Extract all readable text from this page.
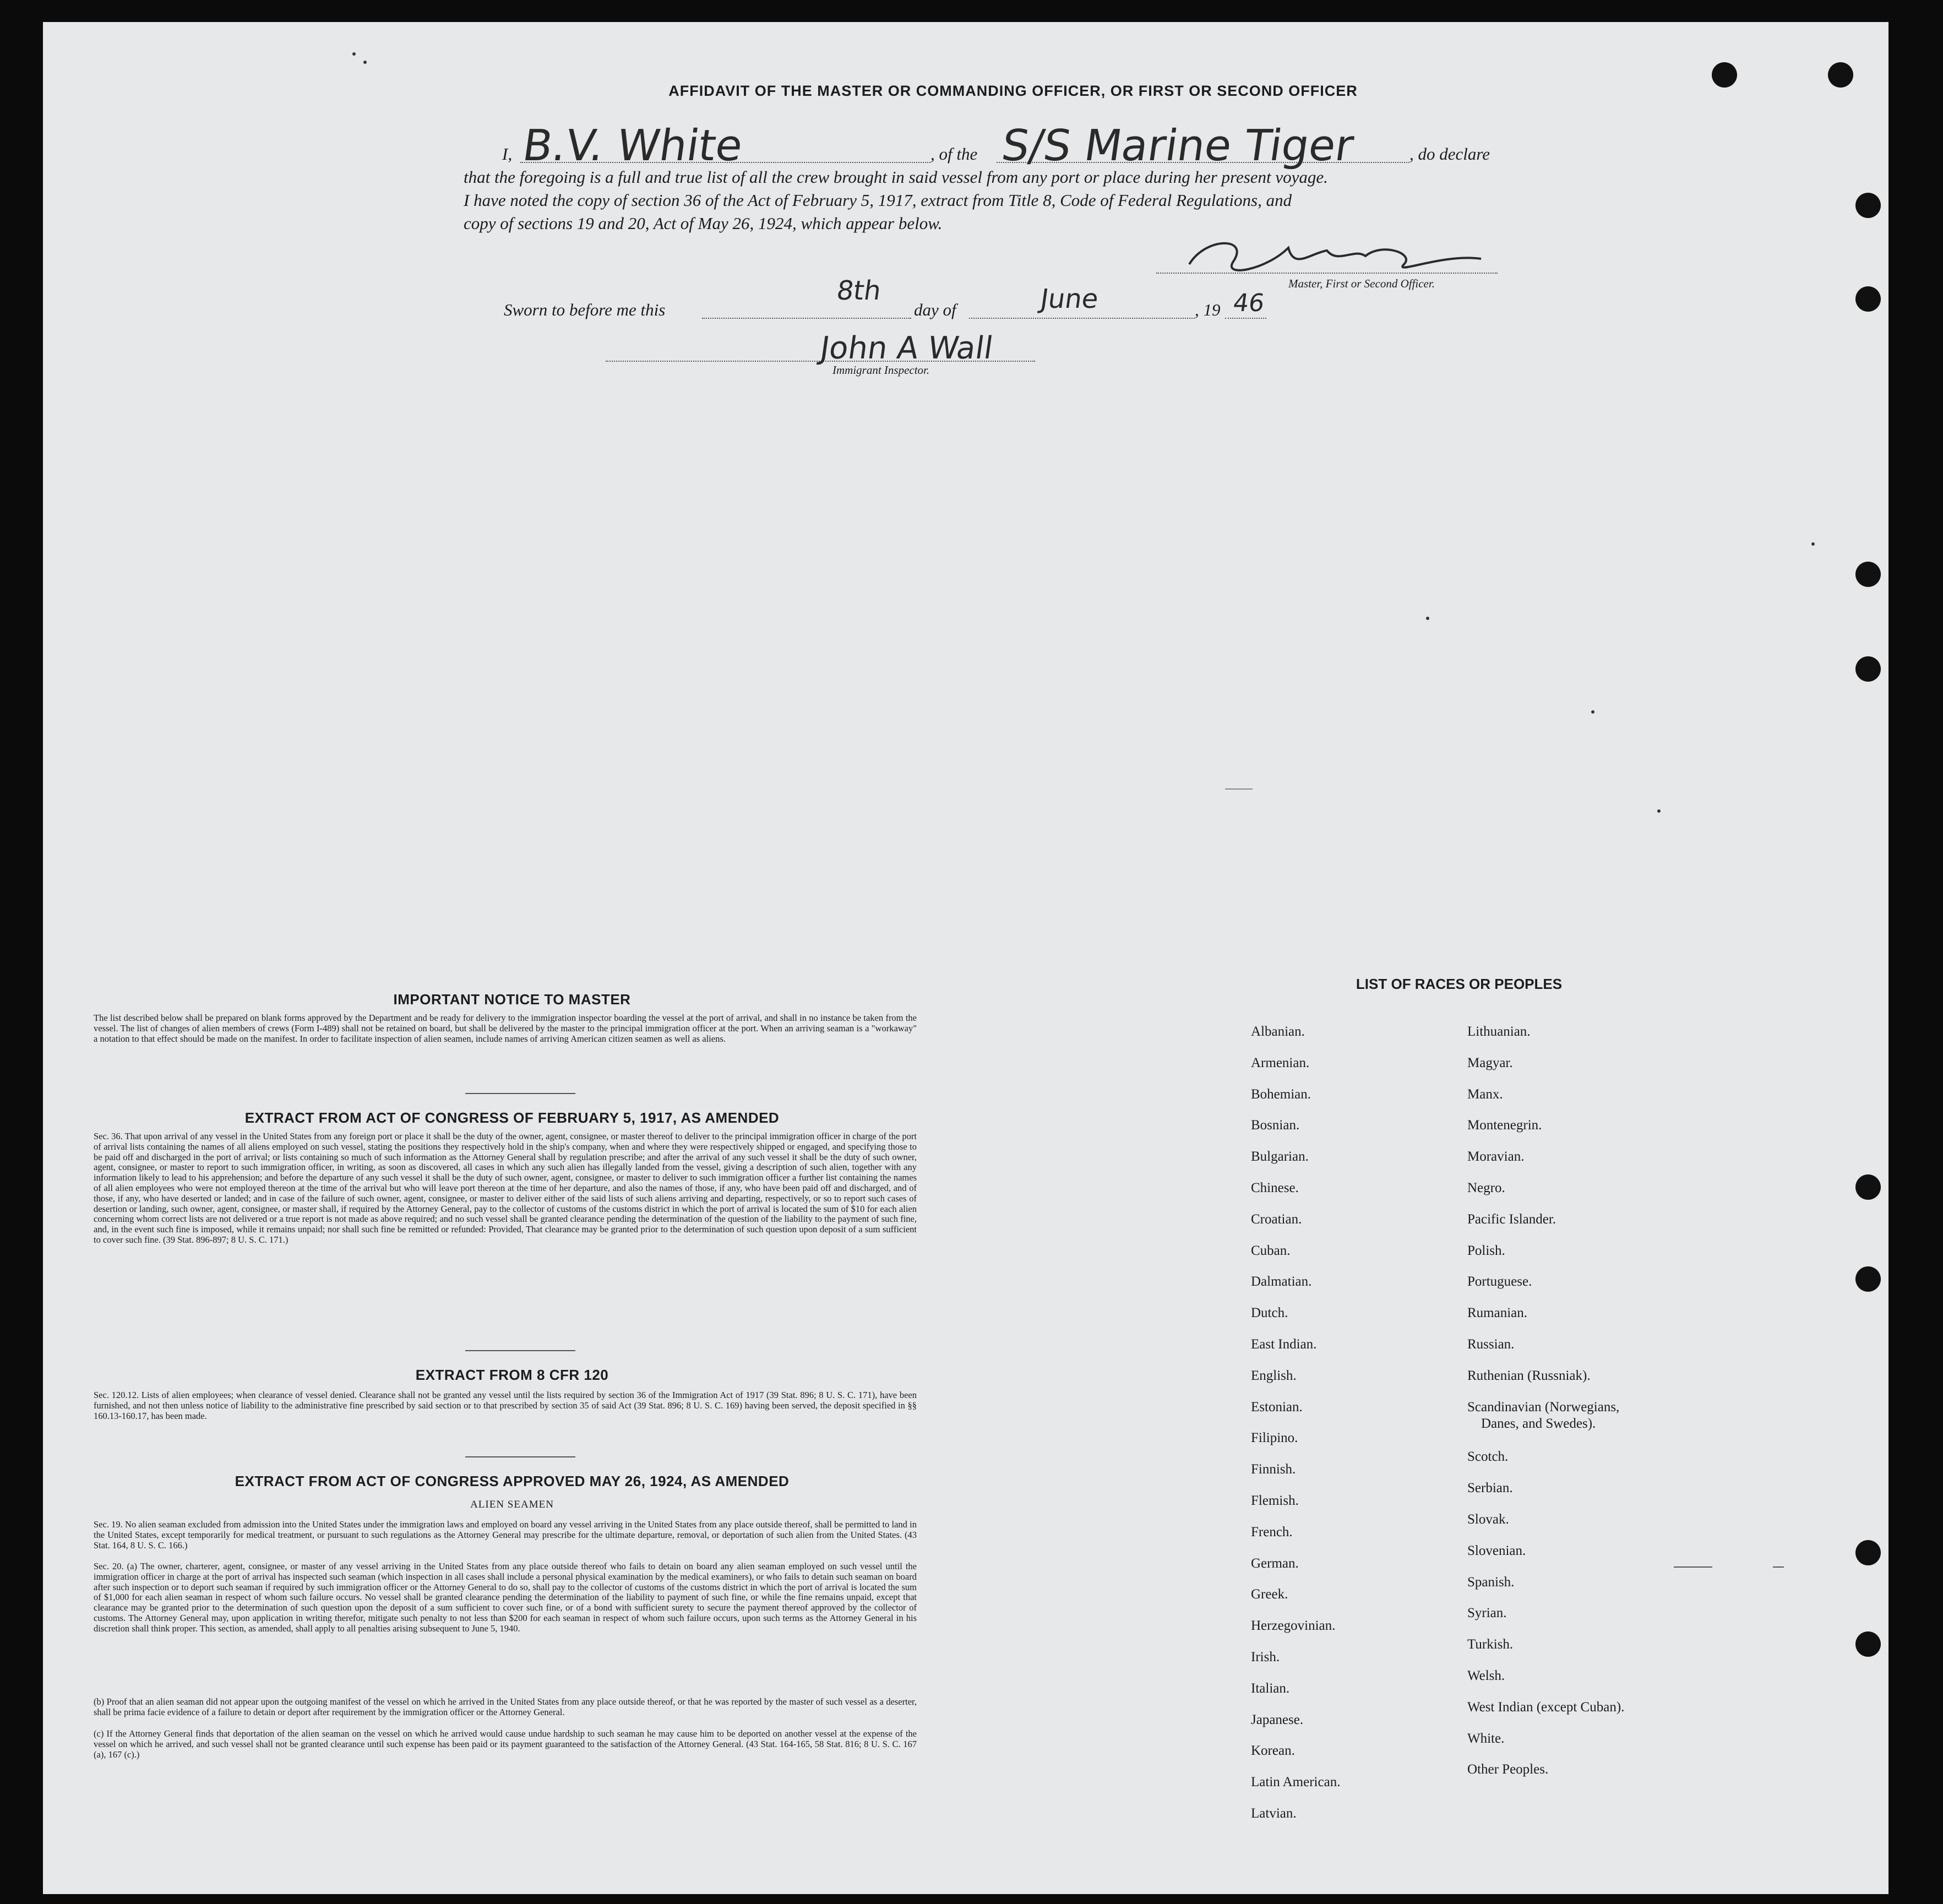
AFFIDAVIT OF THE MASTER OR COMMANDING OFFICER, OR FIRST OR SECOND OFFICER
I, B.V. White	, of the S/S Marine Tiger	, do declare
that the foregoing is a full and true list of all the crew brought in said vessel from any port or place during her present voyage.
I have noted the copy of section 36 of the Act of February 5, 1917, extract from Title 8, Code of Federal Regulations, and
copy of sections 19 and 20, Act of May 26, 1924, which appear below.
Master, First or Second Officer.
Sworn to before me this
8th
day of	June	, 19 46
John A Wall
Immigrant Inspector.
IMPORTANT NOTICE TO MASTER
The list described below shall be prepared on blank forms approved by the Department and be ready for delivery to the immigration inspector boarding the vessel at the port of arrival, and shall in no instance be taken from the vessel. The list of changes of alien members of crews (Form I-489) shall not be retained on board, but shall be delivered by the master to the principal immigration officer at the port. When an arriving seaman is a "workaway" a notation to that effect should be made on the manifest. In order to facilitate inspection of alien seamen, include names of arriving American citizen seamen as well as aliens.
EXTRACT FROM ACT OF CONGRESS OF FEBRUARY 5, 1917, AS AMENDED
Sec. 36. That upon arrival of any vessel in the United States from any foreign port or place it shall be the duty of the owner, agent, consignee, or master thereof to deliver to the principal immigration officer in charge of the port of arrival lists containing the names of all aliens employed on such vessel, stating the positions they respectively hold in the ship's company, when and where they were respectively shipped or engaged, and specifying those to be paid off and discharged in the port of arrival; or lists containing so much of such information as the Attorney General shall by regulation prescribe; and after the arrival of any such vessel it shall be the duty of such owner, agent, consignee, or master to report to such immigration officer, in writing, as soon as discovered, all cases in which any such alien has illegally landed from the vessel, giving a description of such alien, together with any information likely to lead to his apprehension; and before the departure of any such vessel it shall be the duty of such owner, agent, consignee, or master to deliver to such immigration officer a further list containing the names of all alien employees who were not employed thereon at the time of the arrival but who will leave port thereon at the time of her departure, and also the names of those, if any, who have been paid off and discharged, and of those, if any, who have deserted or landed; and in case of the failure of such owner, agent, consignee, or master to deliver either of the said lists of such aliens arriving and departing, respectively, or so to report such cases of desertion or landing, such owner, agent, consignee, or master shall, if required by the Attorney General, pay to the collector of customs of the customs district in which the port of arrival is located the sum of $10 for each alien concerning whom correct lists are not delivered or a true report is not made as above required; and no such vessel shall be granted clearance pending the determination of the question of the liability to the payment of such fine, and, in the event such fine is imposed, while it remains unpaid; nor shall such fine be remitted or refunded: Provided, That clearance may be granted prior to the determination of such question upon deposit of a sum sufficient to cover such fine. (39 Stat. 896-897; 8 U. S. C. 171.)
EXTRACT FROM 8 CFR 120
Sec. 120.12. Lists of alien employees; when clearance of vessel denied. Clearance shall not be granted any vessel until the lists required by section 36 of the Immigration Act of 1917 (39 Stat. 896; 8 U. S. C. 171), have been furnished, and not then unless notice of liability to the administrative fine prescribed by said section or to that prescribed by section 35 of said Act (39 Stat. 896; 8 U. S. C. 169) having been served, the deposit specified in §§ 160.13-160.17, has been made.
EXTRACT FROM ACT OF CONGRESS APPROVED MAY 26, 1924, AS AMENDED
ALIEN SEAMEN
Sec. 19. No alien seaman excluded from admission into the United States under the immigration laws and employed on board any vessel arriving in the United States from any place outside thereof, shall be permitted to land in the United States, except temporarily for medical treatment, or pursuant to such regulations as the Attorney General may prescribe for the ultimate departure, removal, or deportation of such alien from the United States. (43 Stat. 164, 8 U. S. C. 166.)
Sec. 20. (a) The owner, charterer, agent, consignee, or master of any vessel arriving in the United States from any place outside thereof who fails to detain on board any alien seaman employed on such vessel until the immigration officer in charge at the port of arrival has inspected such seaman (which inspection in all cases shall include a personal physical examination by the medical examiners), or who fails to detain such seaman on board after such inspection or to deport such seaman if required by such immigration officer or the Attorney General to do so, shall pay to the collector of customs of the customs district in which the port of arrival is located the sum of $1,000 for each alien seaman in respect of whom such failure occurs. No vessel shall be granted clearance pending the determination of the liability to payment of such fine, or while the fine remains unpaid, except that clearance may be granted prior to the determination of such question upon the deposit of a sum sufficient to cover such fine, or of a bond with sufficient surety to secure the payment thereof approved by the collector of customs. The Attorney General may, upon application in writing therefor, mitigate such penalty to not less than $200 for each seaman in respect of whom such failure occurs, upon such terms as the Attorney General in his discretion shall think proper. This section, as amended, shall apply to all penalties arising subsequent to June 5, 1940.
(b) Proof that an alien seaman did not appear upon the outgoing manifest of the vessel on which he arrived in the United States from any place outside thereof, or that he was reported by the master of such vessel as a deserter, shall be prima facie evidence of a failure to detain or deport after requirement by the immigration officer or the Attorney General.
(c) If the Attorney General finds that deportation of the alien seaman on the vessel on which he arrived would cause undue hardship to such seaman he may cause him to be deported on another vessel at the expense of the vessel on which he arrived, and such vessel shall not be granted clearance until such expense has been paid or its payment guaranteed to the satisfaction of the Attorney General. (43 Stat. 164-165, 58 Stat. 816; 8 U. S. C. 167 (a), 167 (c).)
LIST OF RACES OR PEOPLES
Albanian.
Armenian.
Bohemian.
Bosnian.
Bulgarian.
Chinese.
Croatian.
Cuban.
Dalmatian.
Dutch.
East Indian.
English.
Estonian.
Filipino.
Finnish.
Flemish.
French.
German.
Greek.
Herzegovinian.
Irish.
Italian.
Japanese.
Korean.
Latin American.
Latvian.
Lithuanian.
Magyar.
Manx.
Montenegrin.
Moravian.
Negro.
Pacific Islander.
Polish.
Portuguese.
Rumanian.
Russian.
Ruthenian (Russniak).
Scandinavian (Norwegians,
Danes, and Swedes).
Scotch.
Serbian.
Slovak.
Slovenian.
Spanish.
Syrian.
Turkish.
Welsh.
West Indian (except Cuban).
White.
Other Peoples.
